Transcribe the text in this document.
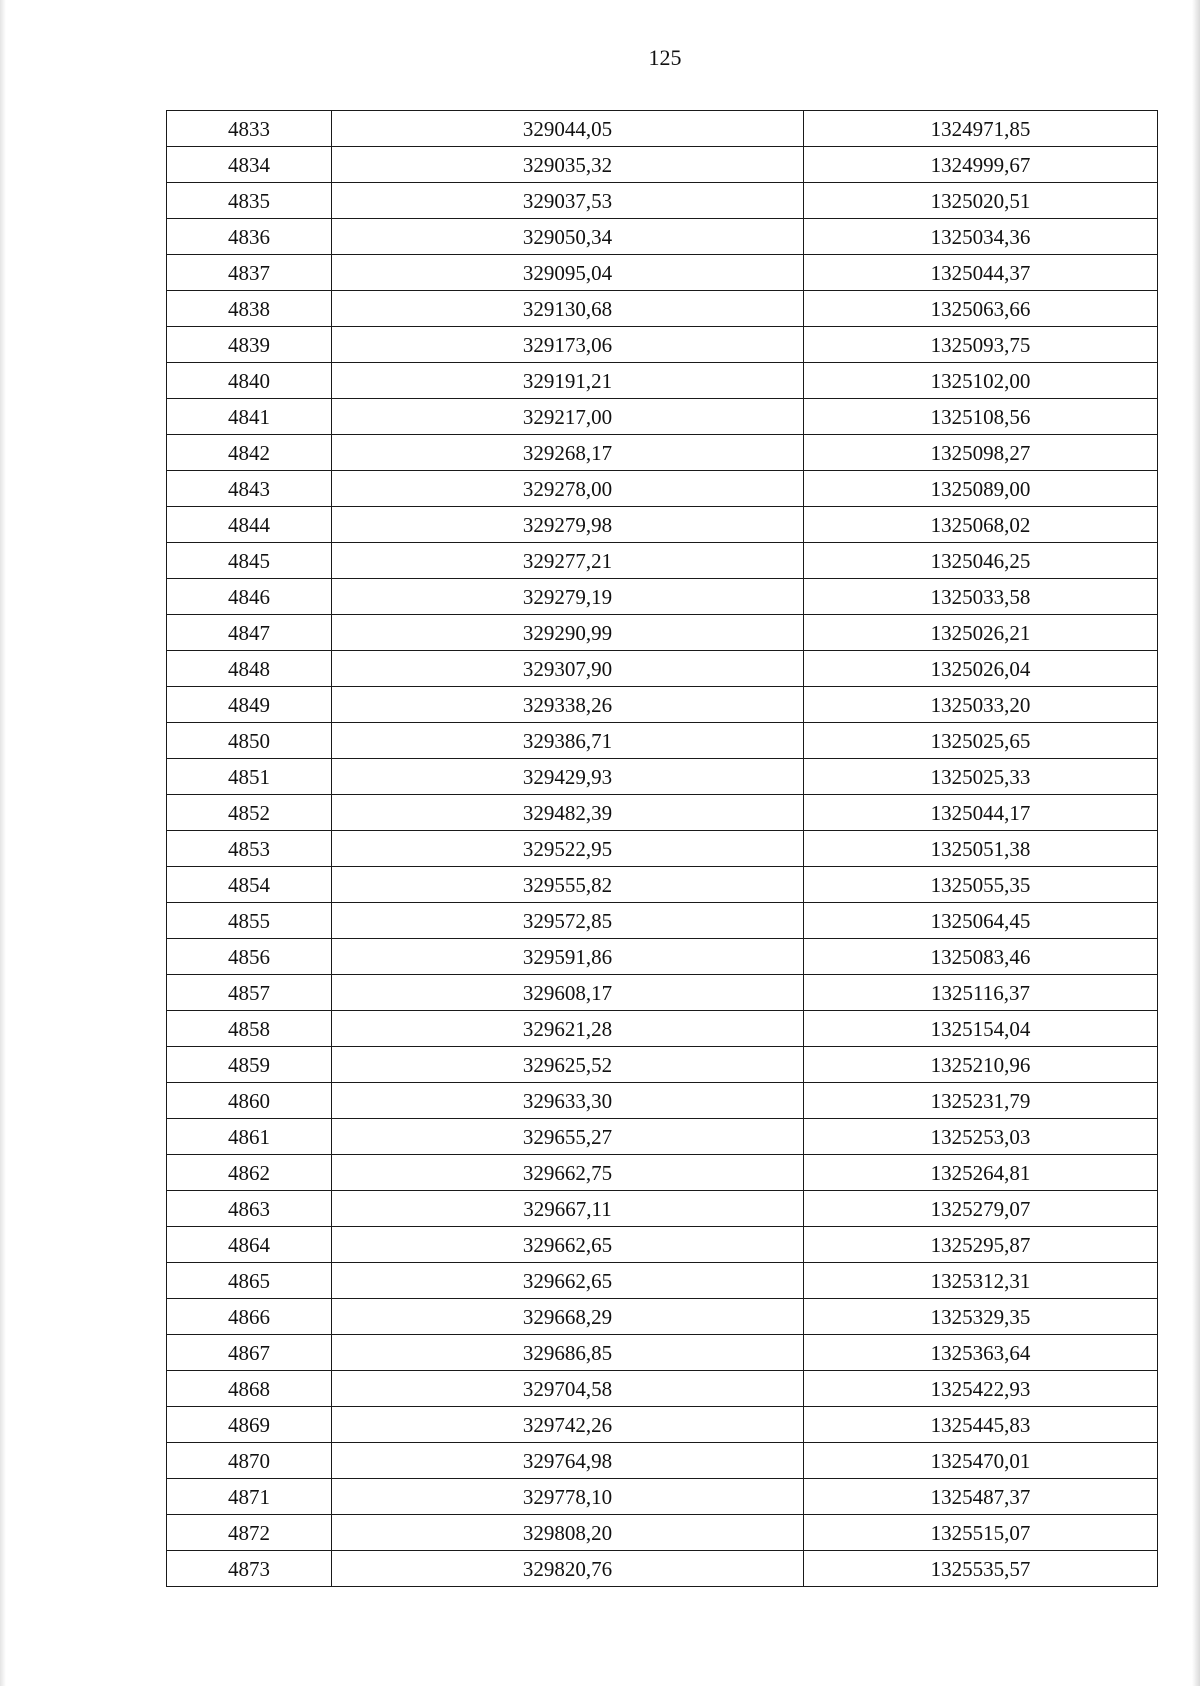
125
4833	329044,05	1324971,85
4834	329035,32	1324999,67
4835	329037,53	1325020,51
4836	329050,34	1325034,36
4837	329095,04	1325044,37
4838	329130,68	1325063,66
4839	329173,06	1325093,75
4840	329191,21	1325102,00
4841	329217,00	1325108,56
4842	329268,17	1325098,27
4843	329278,00	1325089,00
4844	329279,98	1325068,02
4845	329277,21	1325046,25
4846	329279,19	1325033,58
4847	329290,99	1325026,21
4848	329307,90	1325026,04
4849	329338,26	1325033,20
4850	329386,71	1325025,65
4851	329429,93	1325025,33
4852	329482,39	1325044,17
4853	329522,95	1325051,38
4854	329555,82	1325055,35
4855	329572,85	1325064,45
4856	329591,86	1325083,46
4857	329608,17	1325116,37
4858	329621,28	1325154,04
4859	329625,52	1325210,96
4860	329633,30	1325231,79
4861	329655,27	1325253,03
4862	329662,75	1325264,81
4863	329667,11	1325279,07
4864	329662,65	1325295,87
4865	329662,65	1325312,31
4866	329668,29	1325329,35
4867	329686,85	1325363,64
4868	329704,58	1325422,93
4869	329742,26	1325445,83
4870	329764,98	1325470,01
4871	329778,10	1325487,37
4872	329808,20	1325515,07
4873	329820,76	1325535,57
